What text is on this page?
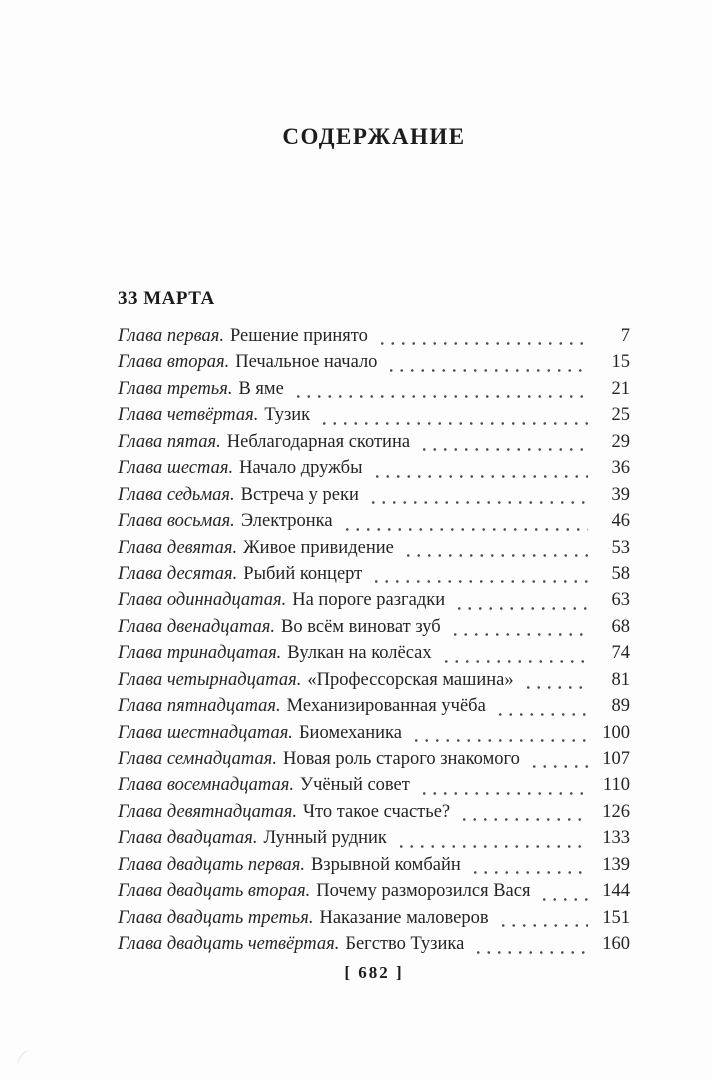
СОДЕРЖАНИЕ
33 МАРТА
Глава первая. Решение принято	7
Глава вторая. Печальное начало	15
Глава третья. В яме	21
Глава четвёртая. Тузик	25
Глава пятая. Неблагодарная скотина	29
Глава шестая. Начало дружбы	36
Глава седьмая. Встреча у реки	39
Глава восьмая. Электронка	46
Глава девятая. Живое привидение	53
Глава десятая. Рыбий концерт	58
Глава одиннадцатая. На пороге разгадки	63
Глава двенадцатая. Во всём виноват зуб	68
Глава тринадцатая. Вулкан на колёсах	74
Глава четырнадцатая. «Профессорская машина»	81
Глава пятнадцатая. Механизированная учёба	89
Глава шестнадцатая. Биомеханика	100
Глава семнадцатая. Новая роль старого знакомого	107
Глава восемнадцатая. Учёный совет	110
Глава девятнадцатая. Что такое счастье?	126
Глава двадцатая. Лунный рудник	133
Глава двадцать первая. Взрывной комбайн	139
Глава двадцать вторая. Почему разморозился Вася	144
Глава двадцать третья. Наказание маловеров	151
Глава двадцать четвёртая. Бегство Тузика	160
[ 682 ]
